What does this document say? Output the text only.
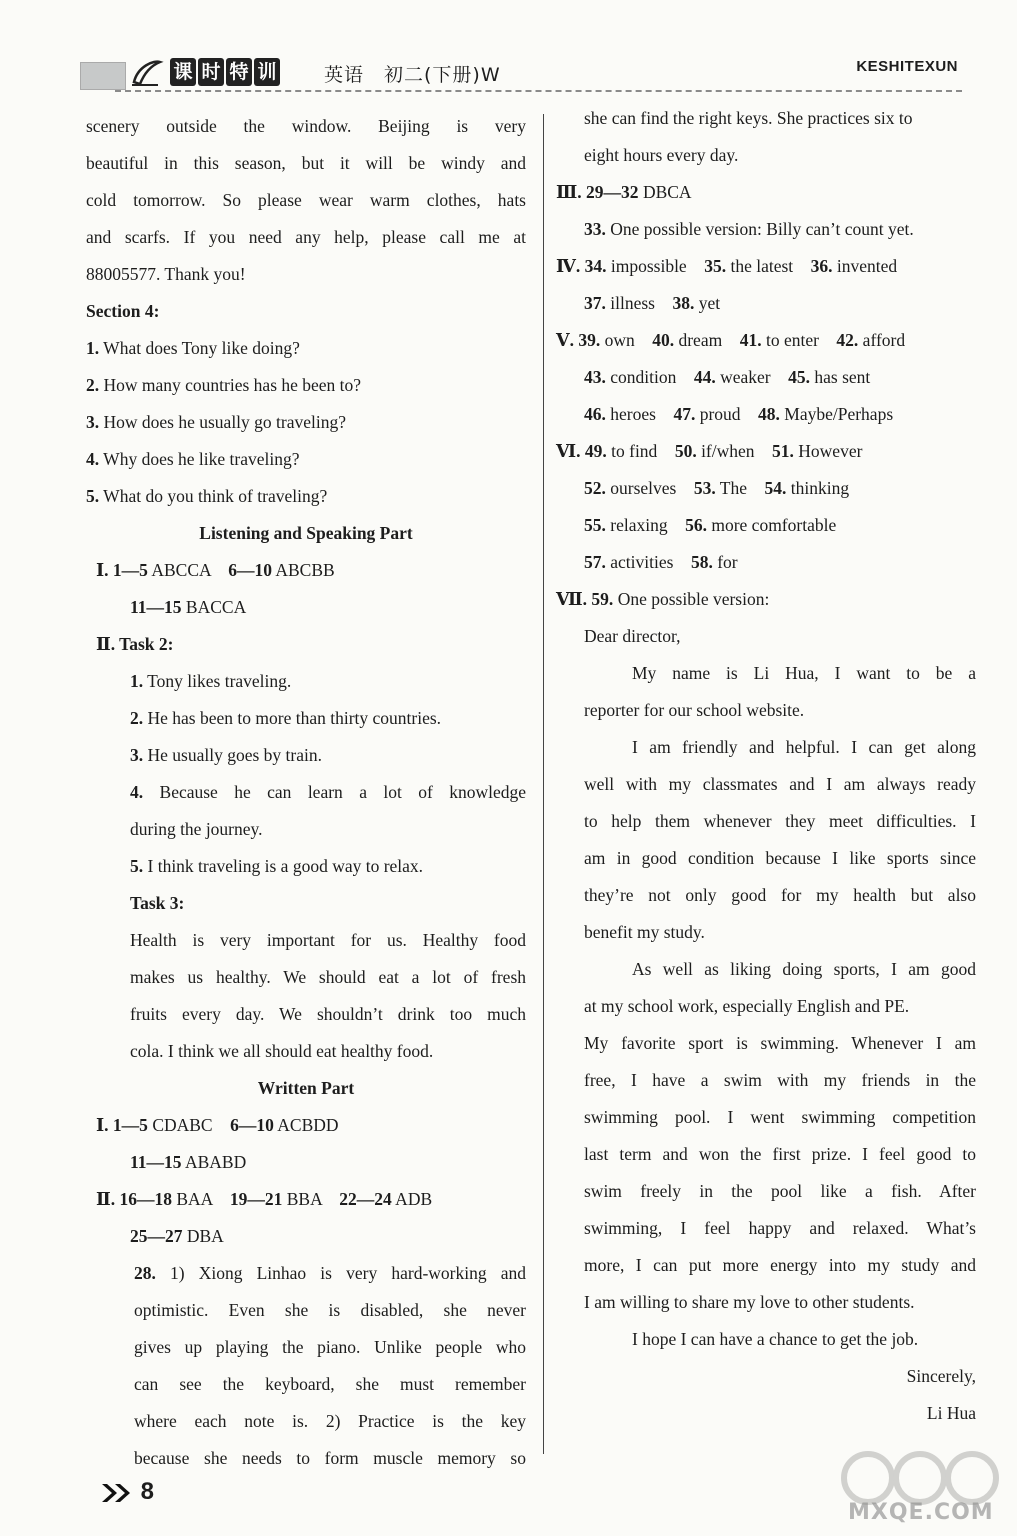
课 时 特 训	英语　初二(下册)W	KESHITEXUN

scenery outside the window. Beijing is very

beautiful in this season, but it will be windy and

cold tomorrow. So please wear warm clothes, hats

and scarfs. If you need any help, please call me at

88005577. Thank you!

Section 4:

1. What does Tony like doing?

2. How many countries has he been to?

3. How does he usually go traveling?

4. Why does he like traveling?

5. What do you think of traveling?

Listening and Speaking Part

Ⅰ. 1—5 ABCCA　6—10 ABCBB

11—15 BACCA

Ⅱ. Task 2:

1. Tony likes traveling.

2. He has been to more than thirty countries.

3. He usually goes by train.

4. Because he can learn a lot of knowledge

during the journey.

5. I think traveling is a good way to relax.

Task 3:

Health is very important for us. Healthy food

makes us healthy. We should eat a lot of fresh

fruits every day. We shouldn’t drink too much

cola. I think we all should eat healthy food.

Written Part

Ⅰ. 1—5 CDABC　6—10 ACBDD

11—15 ABABD

Ⅱ. 16—18 BAA　19—21 BBA　22—24 ADB

25—27 DBA

28. 1) Xiong Linhao is very hard-working and

optimistic. Even she is disabled, she never

gives up playing the piano. Unlike people who

can see the keyboard, she must remember

where each note is. 2) Practice is the key

because she needs to form muscle memory so

she can find the right keys. She practices six to

eight hours every day.

Ⅲ. 29—32 DBCA

33. One possible version: Billy can’t count yet.

Ⅳ. 34. impossible　35. the latest　36. invented

37. illness　38. yet

Ⅴ. 39. own　40. dream　41. to enter　42. afford

43. condition　44. weaker　45. has sent

46. heroes　47. proud　48. Maybe/Perhaps

Ⅵ. 49. to find　50. if/when　51. However

52. ourselves　53. The　54. thinking

55. relaxing　56. more comfortable

57. activities　58. for

Ⅶ. 59. One possible version:

Dear director,

My name is Li Hua, I want to be a

reporter for our school website.

I am friendly and helpful. I can get along

well with my classmates and I am always ready

to help them whenever they meet difficulties. I

am in good condition because I like sports since

they’re not only good for my health but also

benefit my study.

As well as liking doing sports, I am good

at my school work, especially English and PE.

My favorite sport is swimming. Whenever I am

free, I have a swim with my friends in the

swimming pool. I went swimming competition

last term and won the first prize. I feel good to

swim freely in the pool like a fish. After

swimming, I feel happy and relaxed. What’s

more, I can put more energy into my study and

I am willing to share my love to other students.

I hope I can have a chance to get the job.

Sincerely,

Li Hua

8
MXQE.COM
